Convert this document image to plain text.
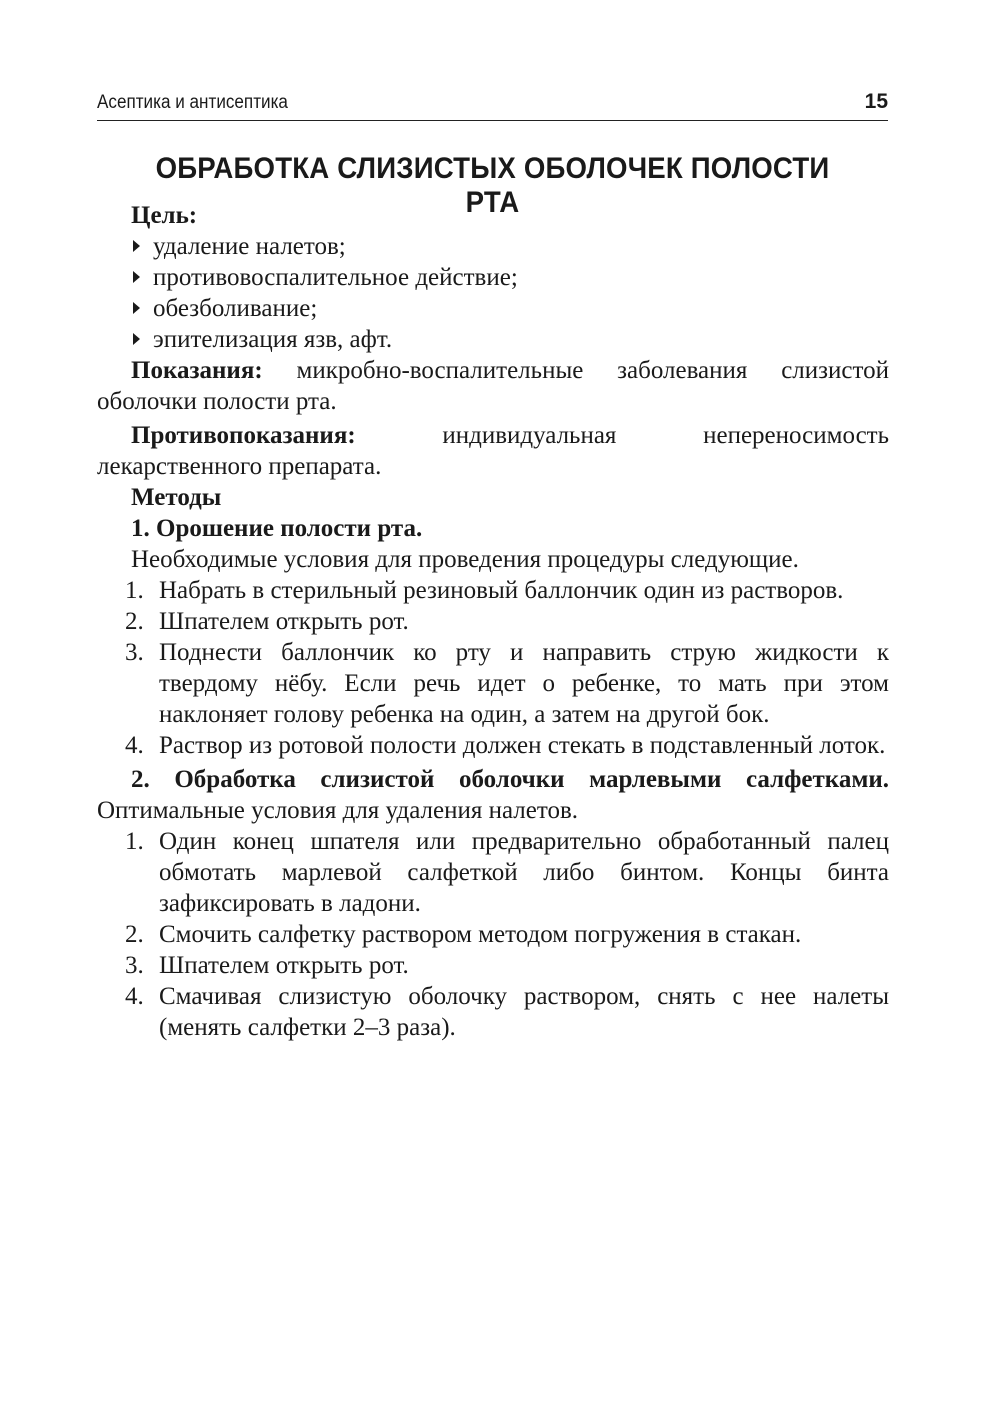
Асептика и антисептика	15
ОБРАБОТКА СЛИЗИСТЫХ ОБОЛОЧЕК ПОЛОСТИ РТА

Цель:

удаление налетов;
противовоспалительное действие;
обезболивание;
эпителизация язв, афт.

Показания: микробно-воспалительные заболевания слизистой оболочки полости рта.

Противопоказания: индивидуальная непереносимость лекарственного препарата.

Методы

1. Орошение полости рта.

Необходимые условия для проведения процедуры следующие.

1. Набрать в стерильный резиновый баллончик один из растворов.
2. Шпателем открыть рот.
3. Поднести баллончик ко рту и направить струю жидкости к твердому нёбу. Если речь идет о ребенке, то мать при этом наклоняет голову ребенка на один, а затем на другой бок.
4. Раствор из ротовой полости должен стекать в подставленный лоток.

2. Обработка слизистой оболочки марлевыми салфетками. Оптимальные условия для удаления налетов.

1. Один конец шпателя или предварительно обработанный палец обмотать марлевой салфеткой либо бинтом. Концы бинта зафиксировать в ладони.
2. Смочить салфетку раствором методом погружения в стакан.
3. Шпателем открыть рот.
4. Смачивая слизистую оболочку раствором, снять с нее налеты (менять салфетки 2–3 раза).
